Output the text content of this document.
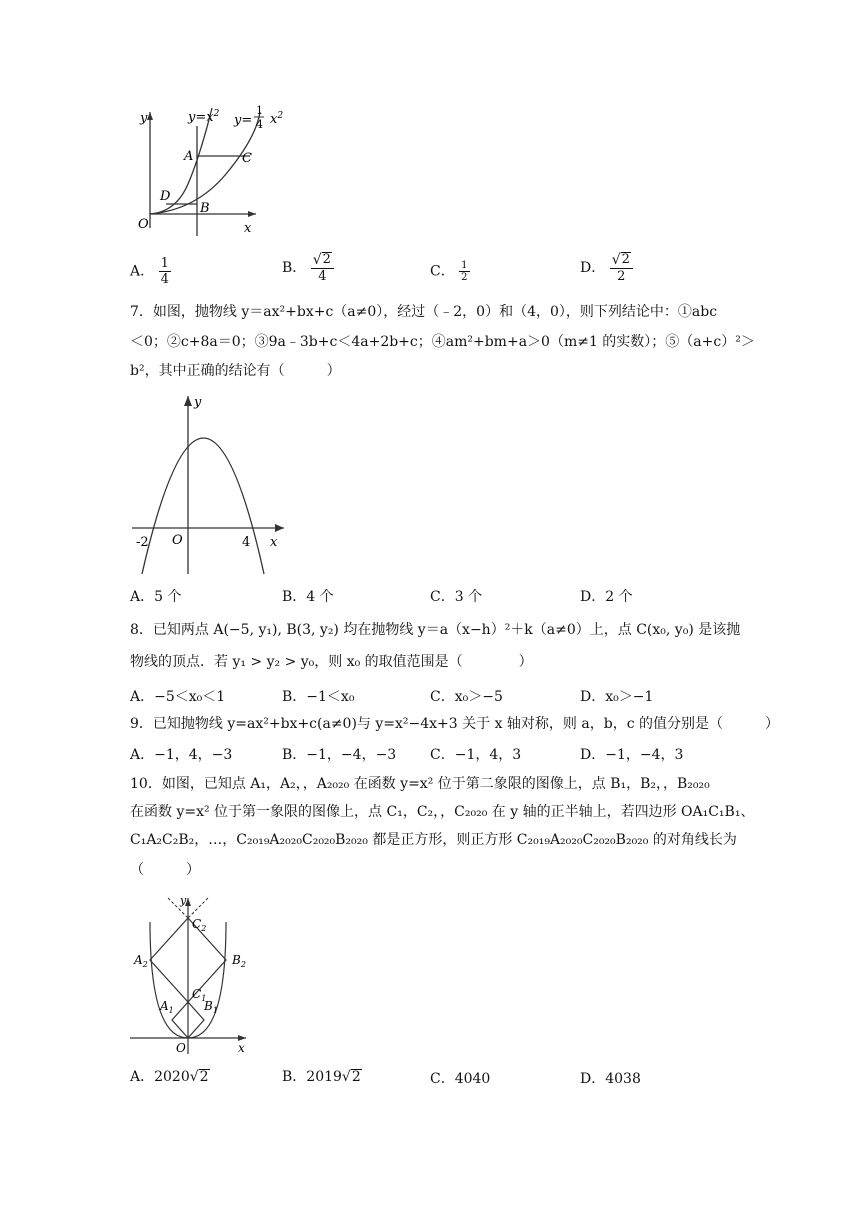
y
x
O
$y=x^2$ y=
1
4 $x^2$
A	C
D
B
A． $\frac{1}{4}$	B． $\frac{√ 2}{4}$	C． $\frac{1}{2}$	D． $\frac{√ 2}{2}$
7．如图，抛物线 y＝ax²+bx+c（a≠0），经过（﹣2，0）和（4，0），则下列结论中：①abc
＜0；②c+8a＝0；③9a﹣3b+c＜4a+2b+c；④am²+bm+a＞0（m≠1 的实数）；⑤（a+c）²＞
b²，其中正确的结论有（　　　）
y
x
O
-2	4
A．5 个	B．4 个	C．3 个	D．2 个
8．已知两点 A(−5, y₁), B(3, y₂) 均在抛物线 y＝a（x−h）²＋k（a≠0）上，点 C(x₀, y₀) 是该抛
物线的顶点．若 y₁ > y₂ > y₀，则 x₀ 的取值范围是（　　　　）
A．−5＜x₀＜1	B．−1＜x₀	C．x₀＞−5	D．x₀＞−1
9．已知抛物线 y=ax²+bx+c(a≠0)与 y=x²−4x+3 关于 x 轴对称，则 a，b，c 的值分别是（　　　）
A．−1，4，−3	B．−1，−4，−3 C．−1，4，3	D．−1，−4，3
10．如图，已知点 A₁，A₂，，A₂₀₂₀ 在函数 y=x² 位于第二象限的图像上，点 B₁，B₂，，B₂₀₂₀
在函数 y=x² 位于第一象限的图像上，点 C₁，C₂，，C₂₀₂₀ 在 y 轴的正半轴上，若四边形 OA₁C₁B₁、
C₁A₂C₂B₂，…，C₂₀₁₉A₂₀₂₀C₂₀₂₀B₂₀₂₀ 都是正方形，则正方形 C₂₀₁₉A₂₀₂₀C₂₀₂₀B₂₀₂₀ 的对角线长为
（　　　）
y
x
O
$C_2$
$A_2$	$B_2$
$C_1$
$A_1$	$B_1$
A．2020 √ 2	B．2019 √ 2	C．4040	D．4038
